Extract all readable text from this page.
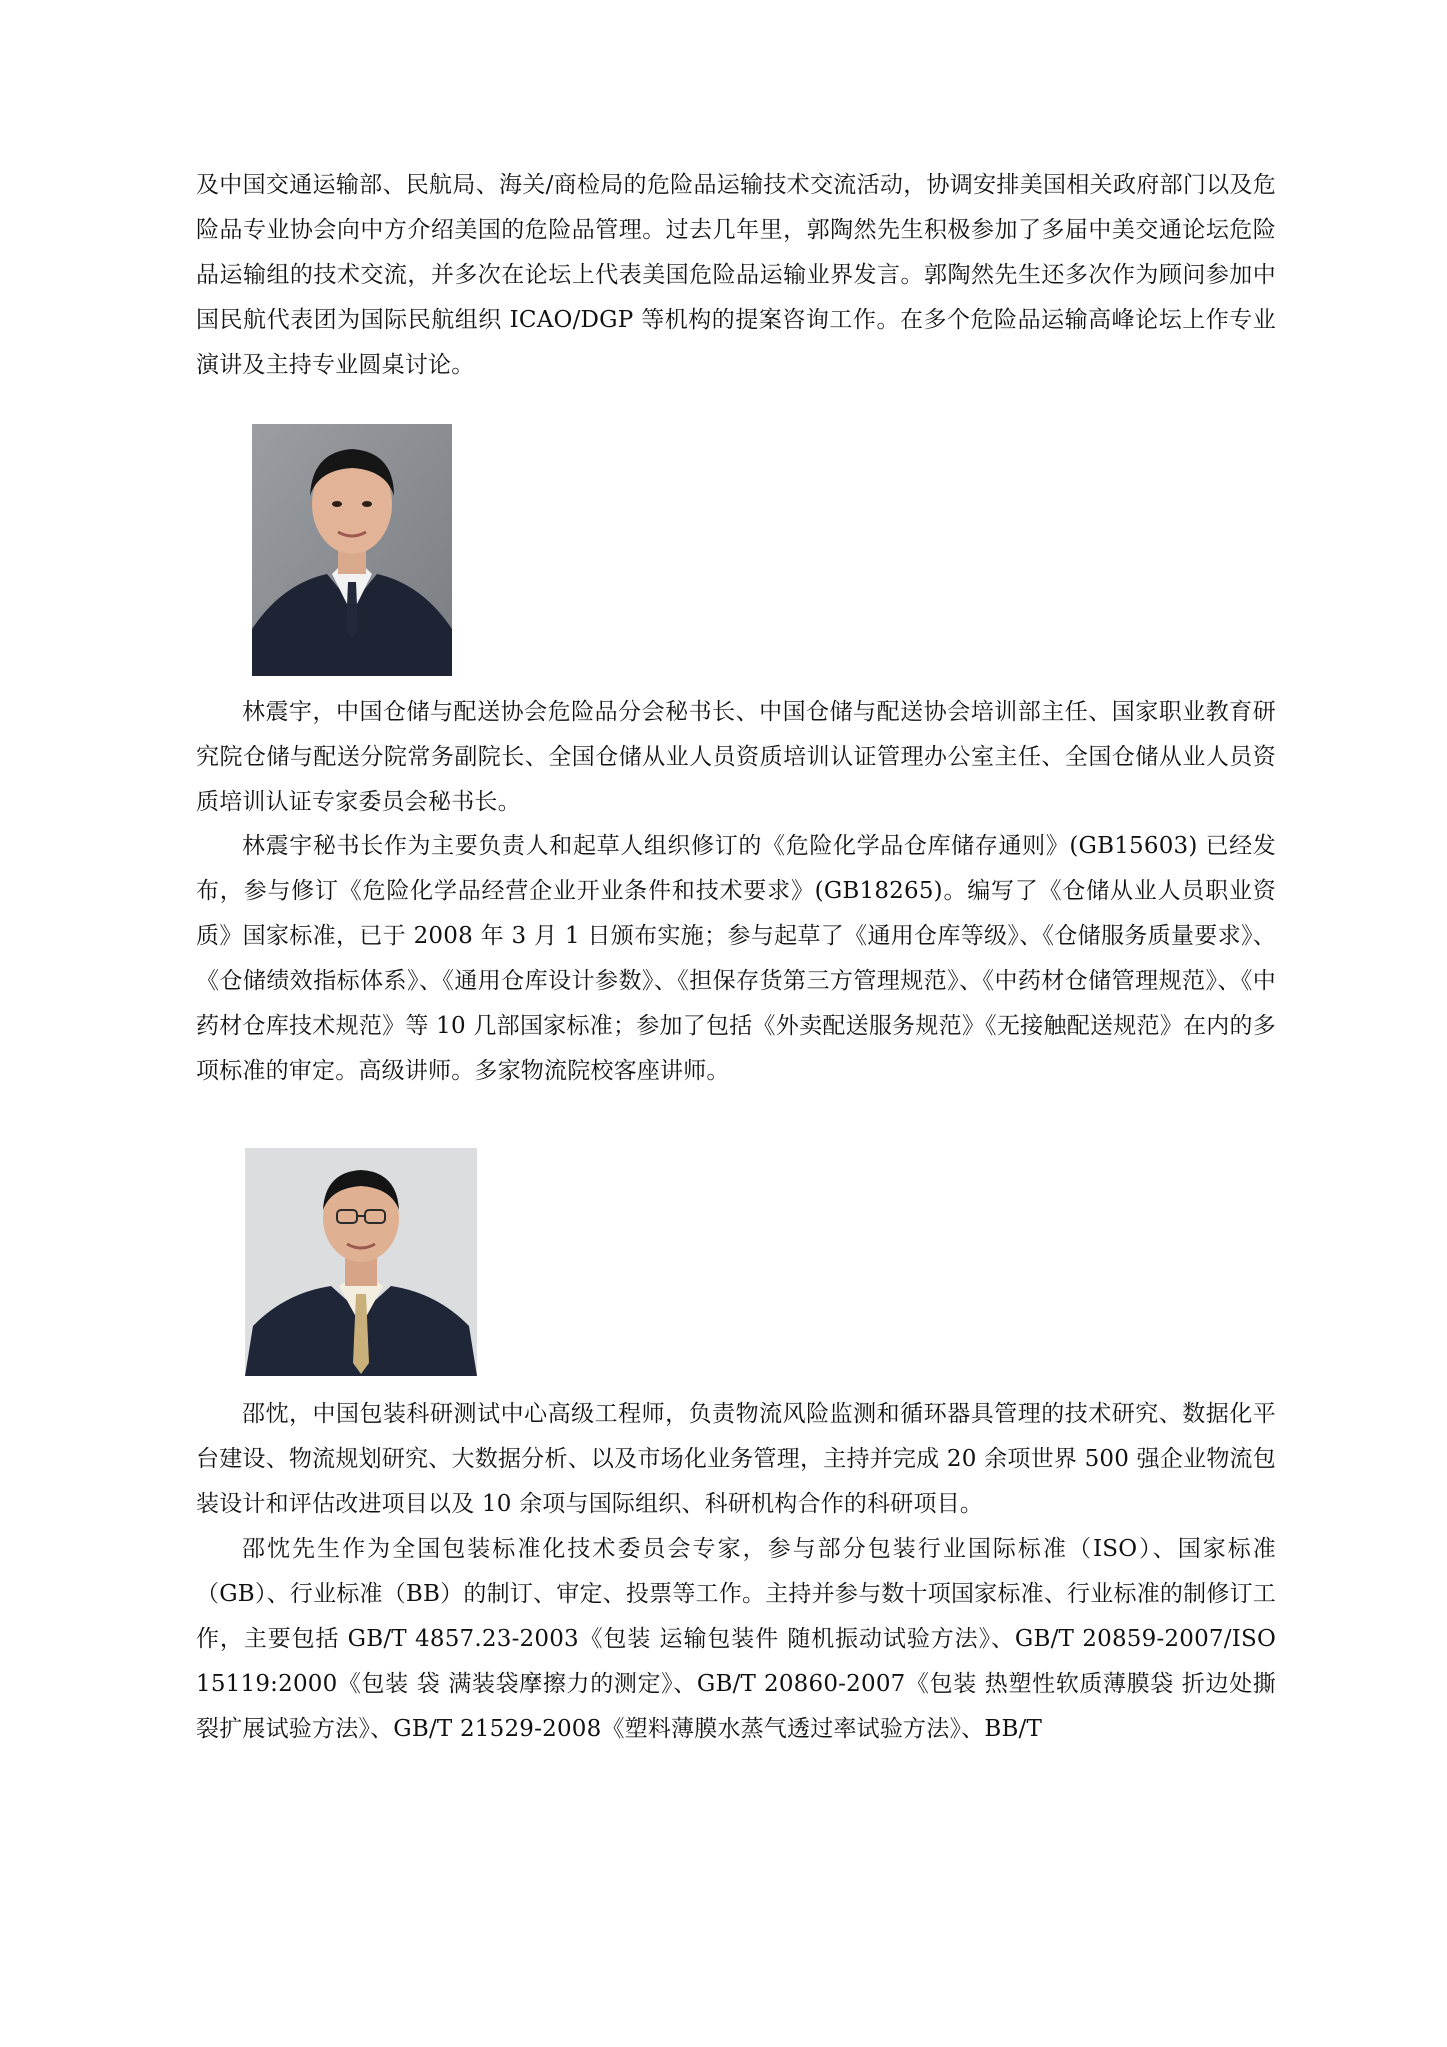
及中国交通运输部、民航局、海关/商检局的危险品运输技术交流活动，协调安排美国相关政府部门以及危险品专业协会向中方介绍美国的危险品管理。过去几年里，郭陶然先生积极参加了多届中美交通论坛危险品运输组的技术交流，并多次在论坛上代表美国危险品运输业界发言。郭陶然先生还多次作为顾问参加中国民航代表团为国际民航组织 ICAO/DGP 等机构的提案咨询工作。在多个危险品运输高峰论坛上作专业演讲及主持专业圆桌讨论。

林震宇，中国仓储与配送协会危险品分会秘书长、中国仓储与配送协会培训部主任、国家职业教育研究院仓储与配送分院常务副院长、全国仓储从业人员资质培训认证管理办公室主任、全国仓储从业人员资质培训认证专家委员会秘书长。

林震宇秘书长作为主要负责人和起草人组织修订的《危险化学品仓库储存通则》(GB15603) 已经发布，参与修订《危险化学品经营企业开业条件和技术要求》(GB18265)。编写了《仓储从业人员职业资质》国家标准，已于 2008 年 3 月 1 日颁布实施；参与起草了《通用仓库等级》、《仓储服务质量要求》、《仓储绩效指标体系》、《通用仓库设计参数》、《担保存货第三方管理规范》、《中药材仓储管理规范》、《中药材仓库技术规范》等 10 几部国家标准；参加了包括《外卖配送服务规范》《无接触配送规范》在内的多项标准的审定。高级讲师。多家物流院校客座讲师。

邵忱，中国包装科研测试中心高级工程师，负责物流风险监测和循环器具管理的技术研究、数据化平台建设、物流规划研究、大数据分析、以及市场化业务管理，主持并完成 20 余项世界 500 强企业物流包装设计和评估改进项目以及 10 余项与国际组织、科研机构合作的科研项目。

邵忱先生作为全国包装标准化技术委员会专家，参与部分包装行业国际标准（ISO）、国家标准（GB）、行业标准（BB）的制订、审定、投票等工作。主持并参与数十项国家标准、行业标准的制修订工作，主要包括 GB/T 4857.23-2003《包装 运输包装件 随机振动试验方法》、GB/T 20859-2007/ISO 15119:2000《包装 袋 满装袋摩擦力的测定》、GB/T 20860-2007《包装 热塑性软质薄膜袋 折边处撕裂扩展试验方法》、GB/T 21529-2008《塑料薄膜水蒸气透过率试验方法》、BB/T
